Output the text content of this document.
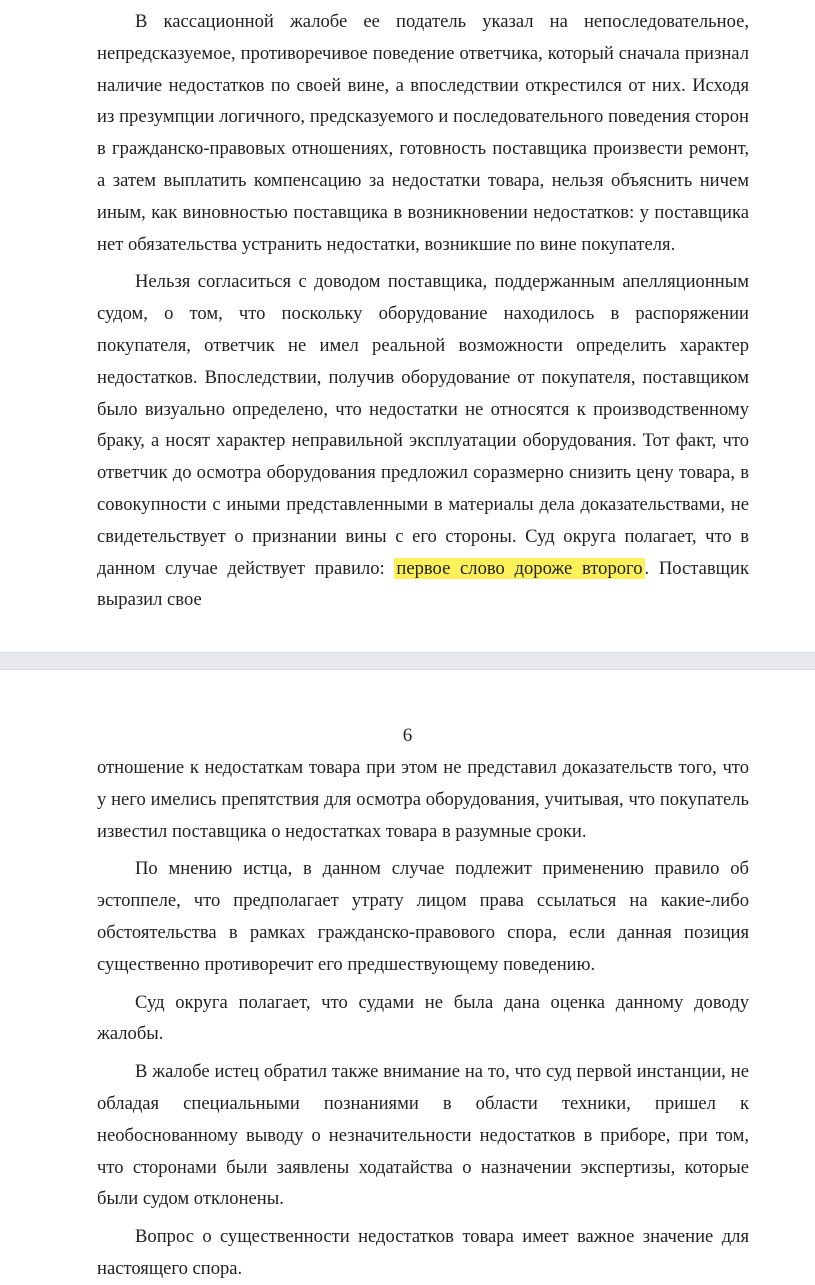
В кассационной жалобе ее податель указал на непоследовательное, непредсказуемое, противоречивое поведение ответчика, который сначала признал наличие недостатков по своей вине, а впоследствии открестился от них. Исходя из презумпции логичного, предсказуемого и последовательного поведения сторон в гражданско-правовых отношениях, готовность поставщика произвести ремонт, а затем выплатить компенсацию за недостатки товара, нельзя объяснить ничем иным, как виновностью поставщика в возникновении недостатков: у поставщика нет обязательства устранить недостатки, возникшие по вине покупателя.

Нельзя согласиться с доводом поставщика, поддержанным апелляционным судом, о том, что поскольку оборудование находилось в распоряжении покупателя, ответчик не имел реальной возможности определить характер недостатков. Впоследствии, получив оборудование от покупателя, поставщиком было визуально определено, что недостатки не относятся к производственному браку, а носят характер неправильной эксплуатации оборудования. Тот факт, что ответчик до осмотра оборудования предложил соразмерно снизить цену товара, в совокупности с иными представленными в материалы дела доказательствами, не свидетельствует о признании вины с его стороны. Суд округа полагает, что в данном случае действует правило: первое слово дороже второго . Поставщик выразил свое

6

отношение к недостаткам товара при этом не представил доказательств того, что у него имелись препятствия для осмотра оборудования, учитывая, что покупатель известил поставщика о недостатках товара в разумные сроки.

По мнению истца, в данном случае подлежит применению правило об эстоппеле, что предполагает утрату лицом права ссылаться на какие-либо обстоятельства в рамках гражданско-правового спора, если данная позиция существенно противоречит его предшествующему поведению.

Суд округа полагает, что судами не была дана оценка данному доводу жалобы.

В жалобе истец обратил также внимание на то, что суд первой инстанции, не обладая специальными познаниями в области техники, пришел к необоснованному выводу о незначительности недостатков в приборе, при том, что сторонами были заявлены ходатайства о назначении экспертизы, которые были судом отклонены.

Вопрос о существенности недостатков товара имеет важное значение для настоящего спора.
